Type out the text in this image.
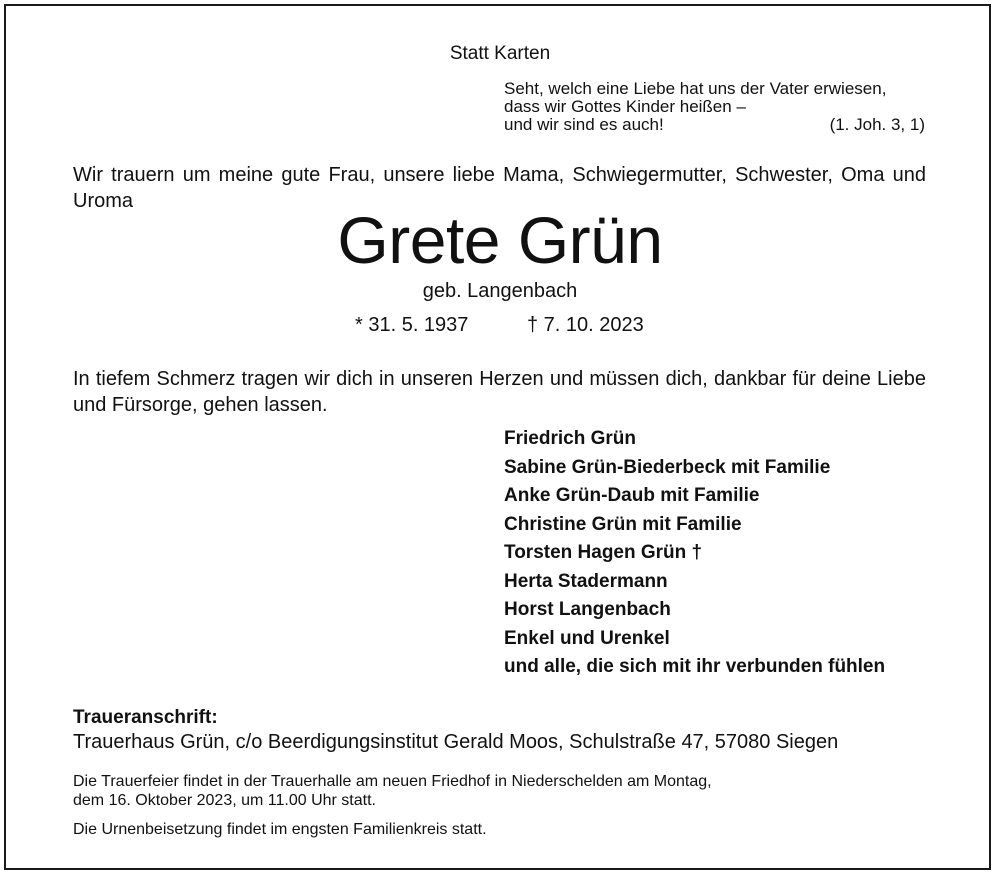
Statt Karten
Seht, welch eine Liebe hat uns der Vater erwiesen,
dass wir Gottes Kinder heißen –
und wir sind es auch!	(1. Joh. 3, 1)
Wir trauern um meine gute Frau, unsere liebe Mama, Schwiegermutter, Schwester, Oma und Uroma
Grete Grün
geb. Langenbach
* 31. 5. 1937	† 7. 10. 2023
In tiefem Schmerz tragen wir dich in unseren Herzen und müssen dich, dankbar für deine Liebe und Fürsorge, gehen lassen.
Friedrich Grün
Sabine Grün-Biederbeck mit Familie
Anke Grün-Daub mit Familie
Christine Grün mit Familie
Torsten Hagen Grün †
Herta Stadermann
Horst Langenbach
Enkel und Urenkel
und alle, die sich mit ihr verbunden fühlen
Traueranschrift:
Trauerhaus Grün, c/o Beerdigungsinstitut Gerald Moos, Schulstraße 47, 57080 Siegen
Die Trauerfeier findet in der Trauerhalle am neuen Friedhof in Niederschelden am Montag,
dem 16. Oktober 2023, um 11.00 Uhr statt.
Die Urnenbeisetzung findet im engsten Familienkreis statt.
